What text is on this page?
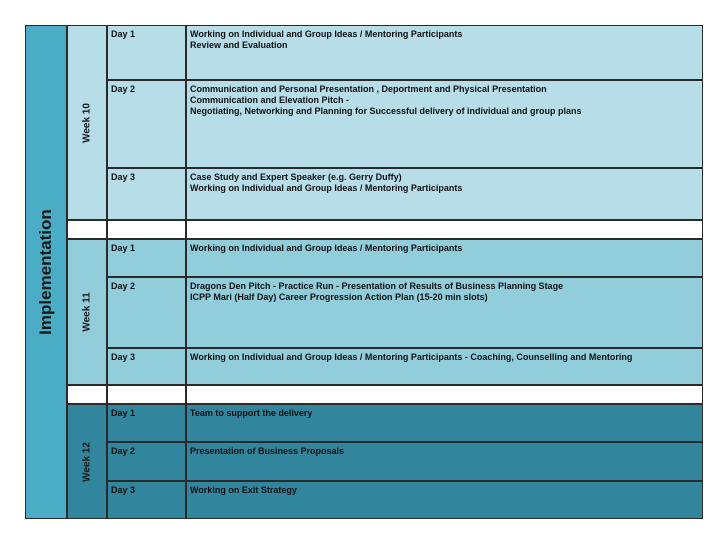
Implementation
Week 10
Day 1	Working on Individual and Group Ideas / Mentoring Participants
Review and Evaluation
Day 2	Communication and Personal Presentation , Deportment and Physical Presentation
Communication and Elevation Pitch -
Negotiating, Networking and Planning for Successful delivery of individual and group plans
Day 3	Case Study and Expert Speaker (e.g. Gerry Duffy)
Working on Individual and Group Ideas / Mentoring Participants
Week 11
Day 1	Working on Individual and Group Ideas / Mentoring Participants
Day 2	Dragons Den Pitch - Practice Run - Presentation of Results of Business Planning Stage
ICPP Mari (Half Day) Career Progression Action Plan (15-20 min slots)
Day 3	Working on Individual and Group Ideas / Mentoring Participants - Coaching, Counselling and Mentoring
Week 12
Day 1	Team to support the delivery
Day 2	Presentation of Business Proposals
Day 3	Working on Exit Strategy
